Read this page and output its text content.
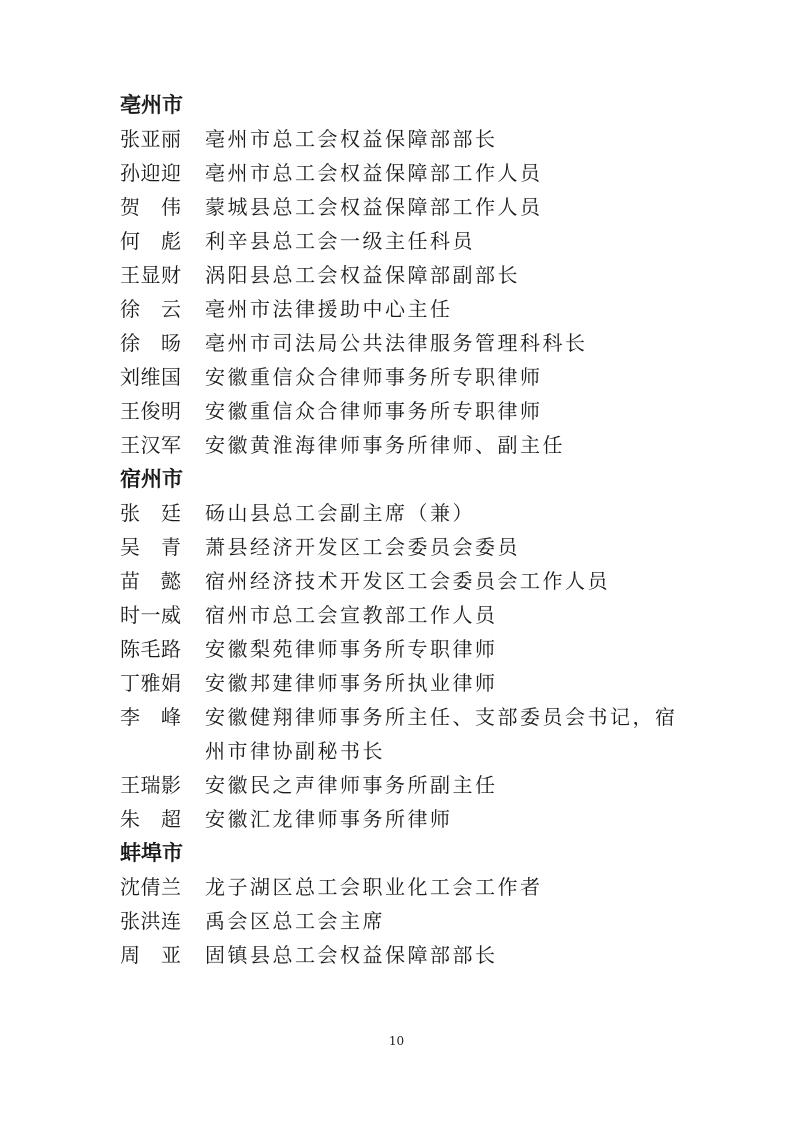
亳州市
张亚丽	亳州市总工会权益保障部部长
孙迎迎	亳州市总工会权益保障部工作人员
贺　伟	蒙城县总工会权益保障部工作人员
何　彪	利辛县总工会一级主任科员
王显财	涡阳县总工会权益保障部副部长
徐　云	亳州市法律援助中心主任
徐　旸	亳州市司法局公共法律服务管理科科长
刘维国	安徽重信众合律师事务所专职律师
王俊明	安徽重信众合律师事务所专职律师
王汉军	安徽黄淮海律师事务所律师、副主任
宿州市
张　廷	砀山县总工会副主席（兼）
吴　青	萧县经济开发区工会委员会委员
苗　懿	宿州经济技术开发区工会委员会工作人员
时一威	宿州市总工会宣教部工作人员
陈毛路	安徽梨苑律师事务所专职律师
丁雅娟	安徽邦建律师事务所执业律师
李　峰	安徽健翔律师事务所主任、支部委员会书记，宿州市律协副秘书长
王瑞影	安徽民之声律师事务所副主任
朱　超	安徽汇龙律师事务所律师
蚌埠市
沈倩兰	龙子湖区总工会职业化工会工作者
张洪连	禹会区总工会主席
周　亚	固镇县总工会权益保障部部长
10
